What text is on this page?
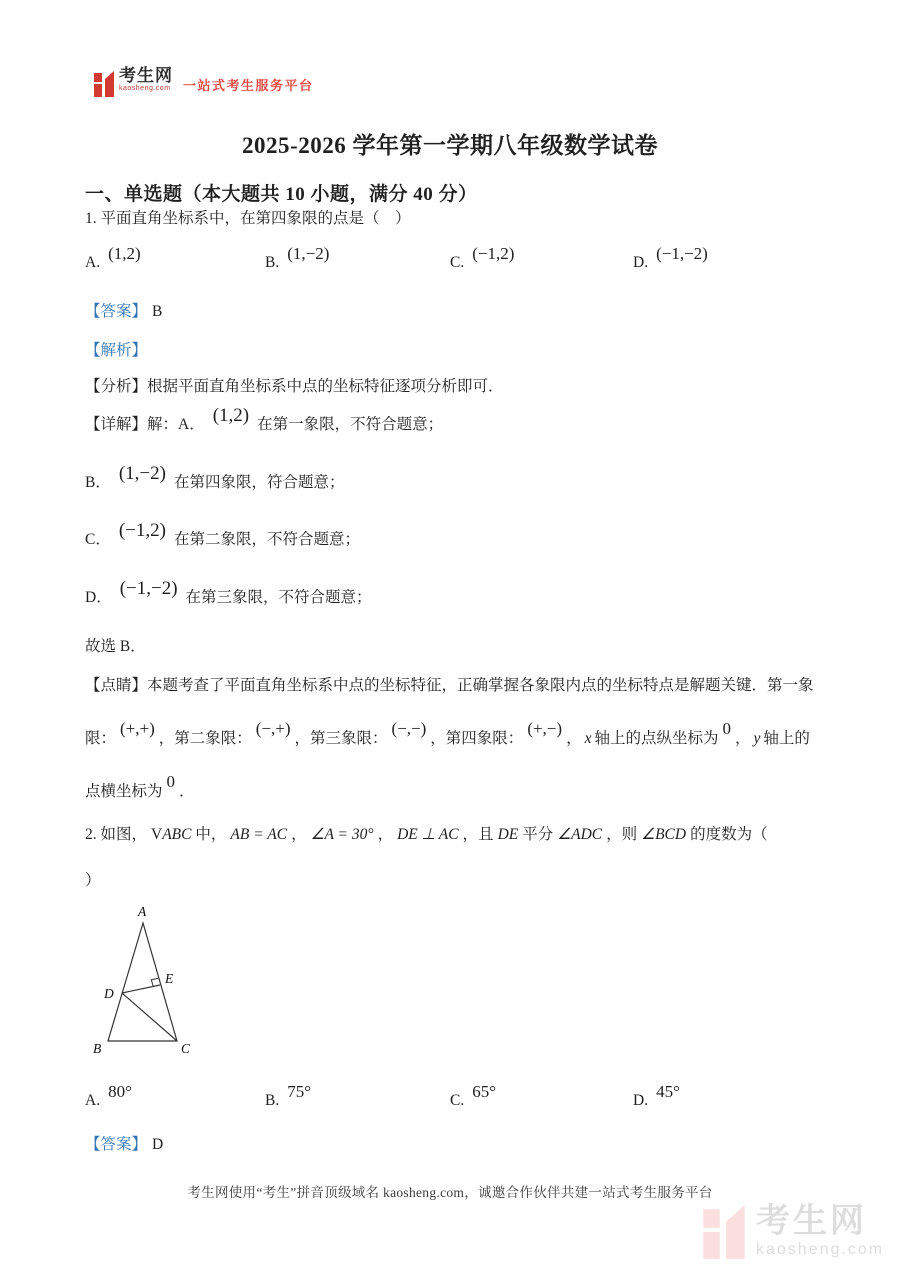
考生网
kaosheng.com 一站式考生服务平台
2025-2026 学年第一学期八年级数学试卷
一、单选题（本大题共 10 小题，满分 40 分）
1. 平面直角坐标系中，在第四象限的点是（　）
A. (1,2)	B. (1,−2)	C. (−1,2)	D. (−1,−2)
【答案】 B
【解析】
【分析】根据平面直角坐标系中点的坐标特征逐项分析即可．
【详解】解：A． (1,2) 在第一象限，不符合题意；
B． (1,−2) 在第四象限，符合题意；
C． (−1,2) 在第二象限，不符合题意；
D． (−1,−2) 在第三象限，不符合题意；
故选 B．
【点睛】本题考查了平面直角坐标系中点的坐标特征，正确掌握各象限内点的坐标特点是解题关键．第一象限：(+,+)，第二象限：(−,+)，第三象限：(−,−)，第四象限：(+,−)， x 轴上的点纵坐标为0， y 轴上的点横坐标为0．
2. 如图， VABC 中， AB = AC ， ∠A = 30° ， DE ⊥ AC ，且 DE 平分 ∠ADC ，则 ∠BCD 的度数为（
）
A
B	C
D
E
A. 80°	B. 75°	C. 65°	D. 45°
【答案】 D
考生网使用“考生”拼音顶级域名 kaosheng.com，诚邀合作伙伴共建一站式考生服务平台
考生网
kaosheng.com
